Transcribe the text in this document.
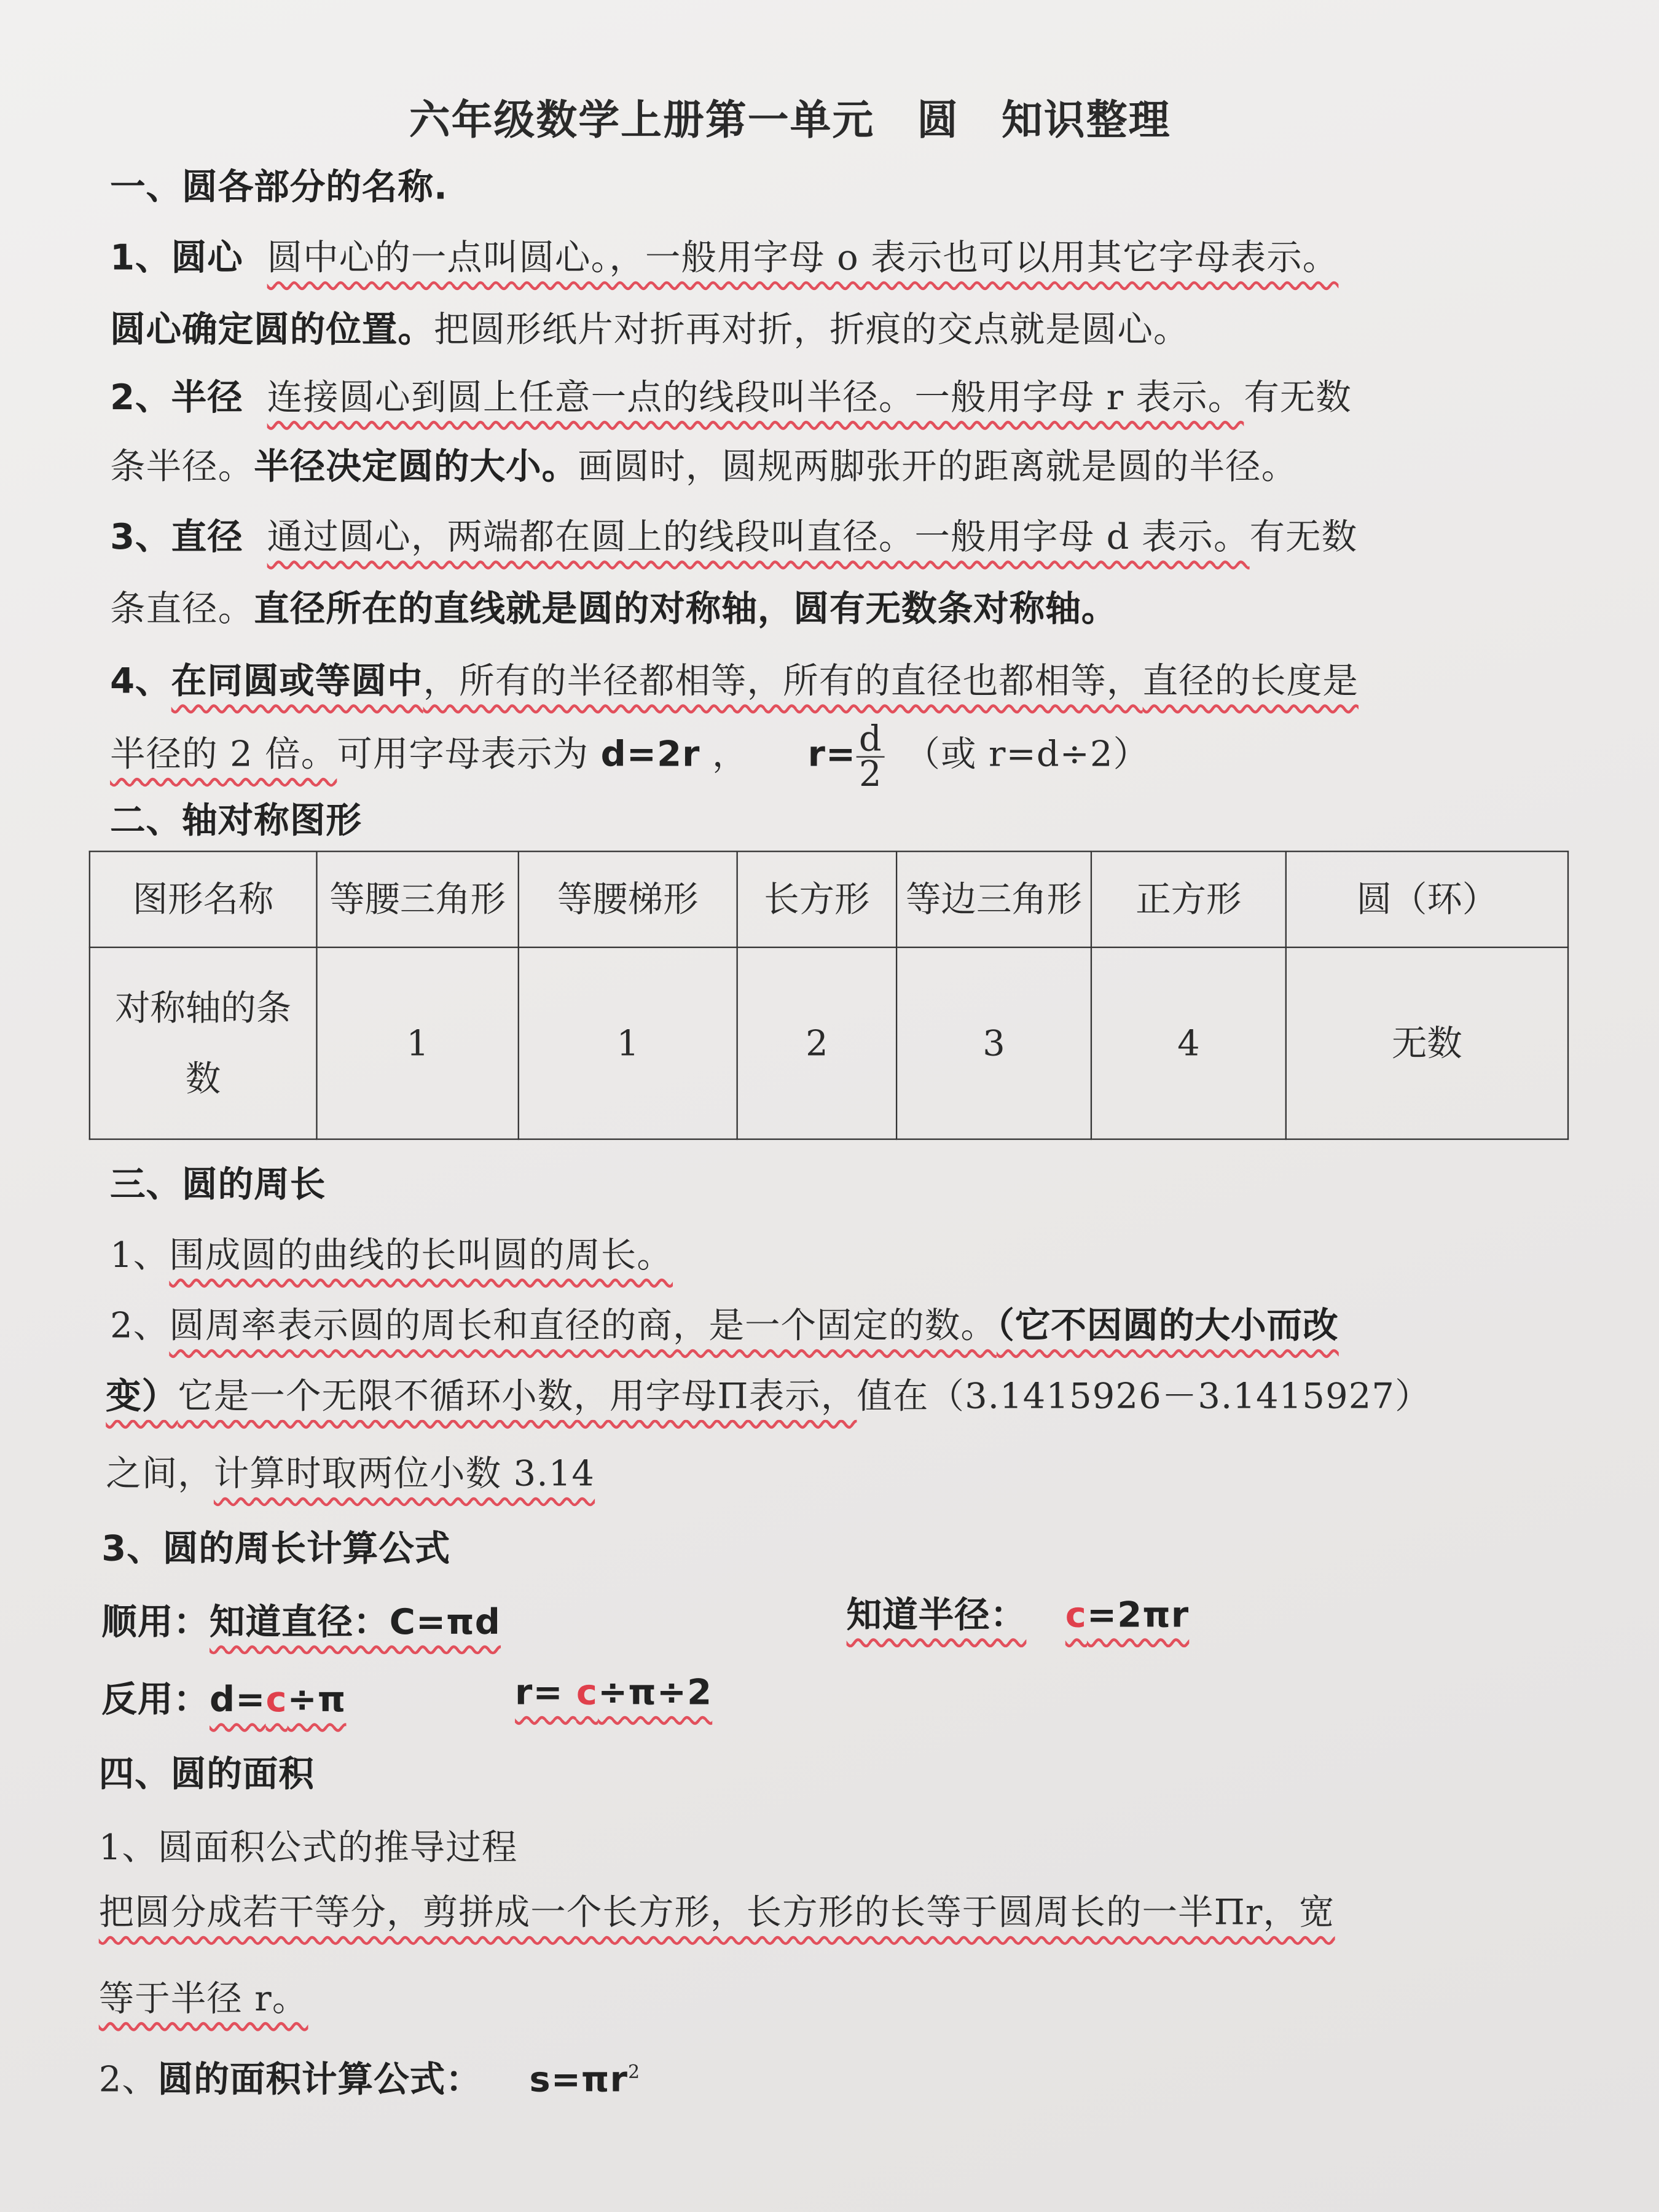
六年级数学上册第一单元　圆　知识整理
一、圆各部分的名称.
1、圆心 圆中心的一点叫圆心。，一般用字母 o 表示也可以用其它字母表示。
圆心确定圆的位置。把圆形纸片对折再对折，折痕的交点就是圆心。
2、半径 连接圆心到圆上任意一点的线段叫半径。一般用字母 r 表示。有无数
条半径。半径决定圆的大小。画圆时，圆规两脚张开的距离就是圆的半径。
3、直径 通过圆心，两端都在圆上的线段叫直径。一般用字母 d 表示。有无数
条直径。直径所在的直线就是圆的对称轴，圆有无数条对称轴。
4、在同圆或等圆中，所有的半径都相等，所有的直径也都相等，直径的长度是
半径的 2 倍。可用字母表示为 d=2r ，	$r= \frac{d}{2}$ （或 r=d÷2）
二、轴对称图形
图形名称	等腰三角形	等腰梯形	长方形	等边三角形	正方形	圆（环）
对称轴的条数	1	1	2	3	4	无数
三、圆的周长
1、围成圆的曲线的长叫圆的周长。
2、圆周率表示圆的周长和直径的商，是一个固定的数。（它不因圆的大小而改
变）它是一个无限不循环小数，用字母Π表示，值在（3.1415926－3.1415927）
之间，计算时取两位小数 3.14
3、圆的周长计算公式
顺用：知道直径：C=πd	知道半径：	c=2πr
反用：d=c÷π	r= c÷π÷2
四、圆的面积
1、圆面积公式的推导过程
把圆分成若干等分，剪拼成一个长方形，长方形的长等于圆周长的一半Πr，宽
等于半径 r。
2、圆的面积计算公式：	$s=\pi r^2$
